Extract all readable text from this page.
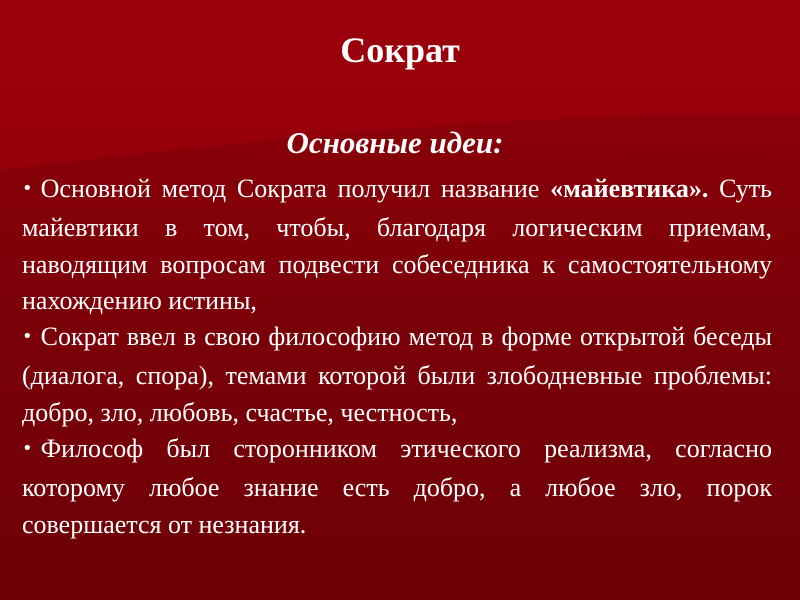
Сократ
Основные идеи:
• Основной метод Сократа получил название «майевтика». Суть майевтики в том, чтобы, благодаря логическим приемам, наводящим вопросам подвести собеседника к самостоятельному нахождению истины,
• Сократ ввел в свою философию метод в форме открытой беседы (диалога, спора), темами которой были злободневные проблемы: добро, зло, любовь, счастье, честность,
• Философ был сторонником этического реализма, согласно которому любое знание есть добро, а любое зло, порок совершается от незнания.
